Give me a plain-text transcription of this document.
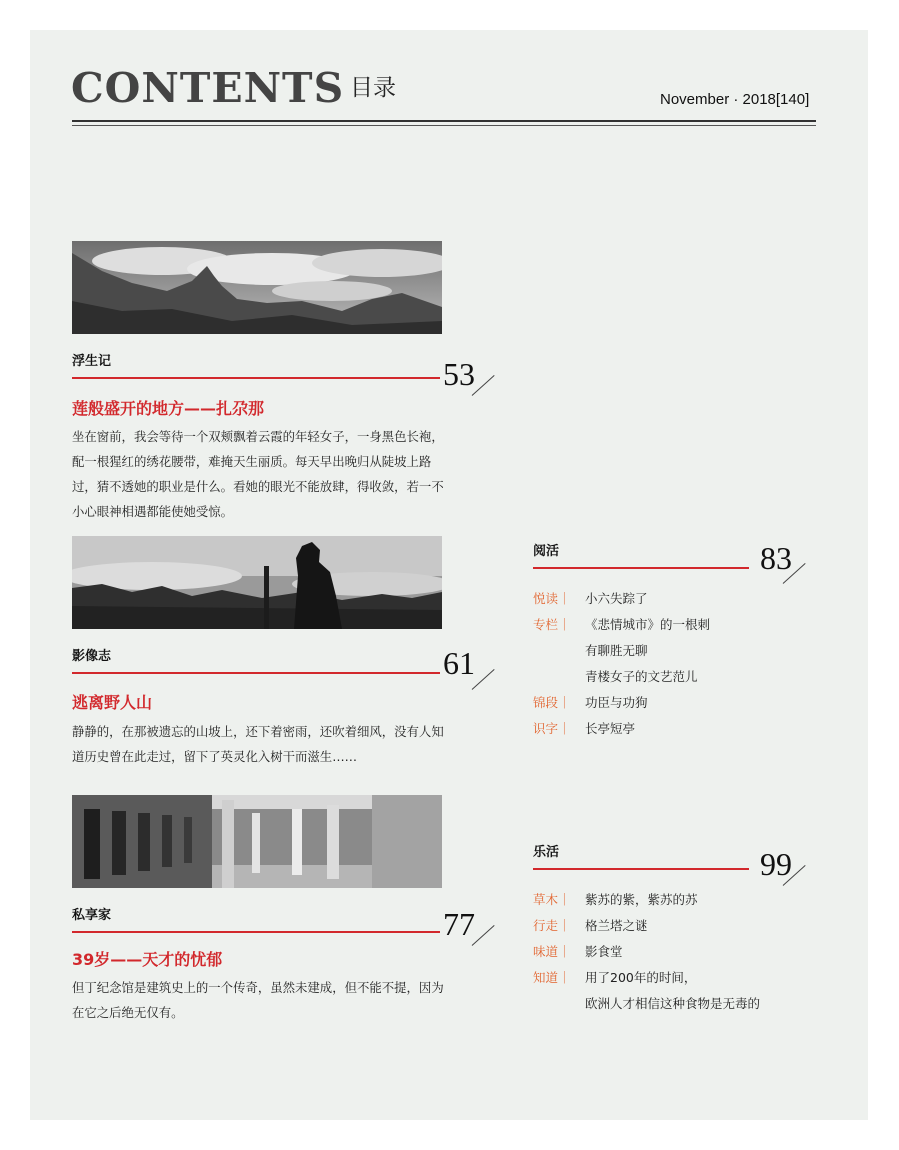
CONTENTS 目录	November · 2018[140]
浮生记	53
莲般盛开的地方——扎尕那
坐在窗前，我会等待一个双颊飘着云霞的年轻女子，一身黑色长袍，配一根猩红的绣花腰带，难掩天生丽质。每天早出晚归从陡坡上路过，猜不透她的职业是什么。看她的眼光不能放肆，得收敛，若一不小心眼神相遇都能使她受惊。
影像志	61
逃离野人山
静静的，在那被遗忘的山坡上，还下着密雨，还吹着细风，没有人知道历史曾在此走过，留下了英灵化入树干而滋生……
私享家	77
39岁——天才的忧郁
但丁纪念馆是建筑史上的一个传奇，虽然未建成，但不能不提，因为在它之后绝无仅有。
阅活	83
悦读｜ 小六失踪了
专栏｜ 《悲情城市》的一根刺
有聊胜无聊
青楼女子的文艺范儿
锦段｜ 功臣与功狗
识字｜ 长亭短亭
乐活	99
草木｜ 紫苏的紫，紫苏的苏
行走｜ 格兰塔之谜
味道｜ 影食堂
知道｜ 用了200年的时间，
欧洲人才相信这种食物是无毒的
